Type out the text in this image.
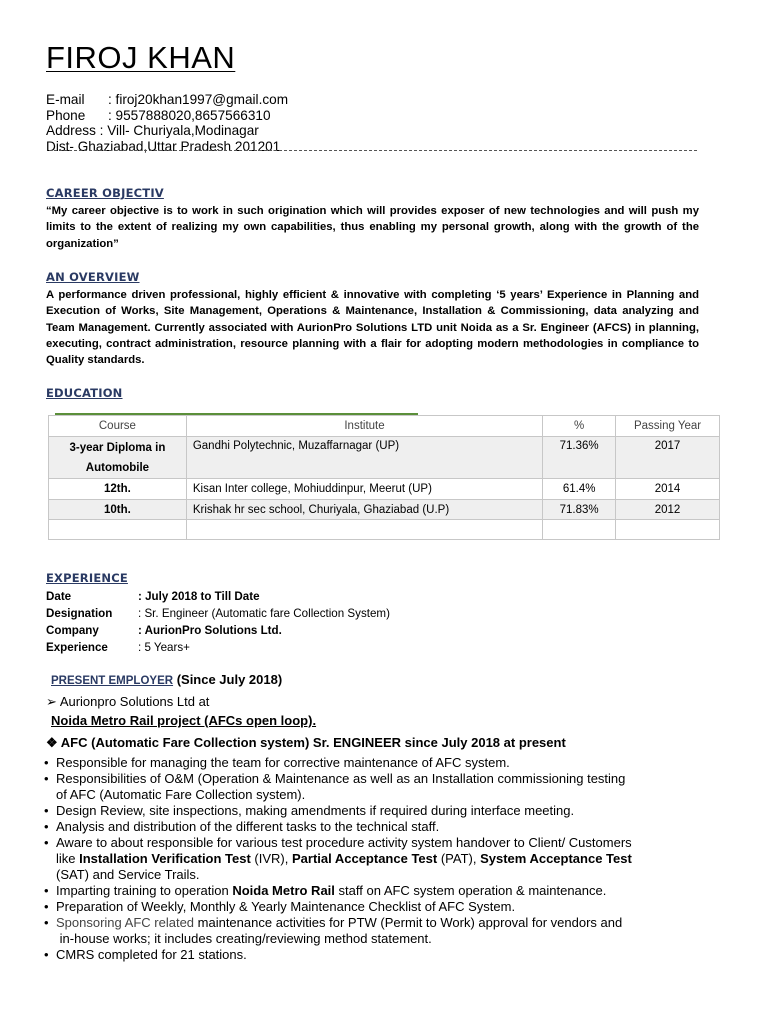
FIROJ KHAN
E-mail : firoj20khan1997@gmail.com
Phone : 9557888020,8657566310
Address : Vill- Churiyala,Modinagar
Dist- Ghaziabad,Uttar Pradesh 201201
CAREER OBJECTIV
“My career objective is to work in such origination which will provides exposer of new technologies and will push my limits to the extent of realizing my own capabilities, thus enabling my personal growth, along with the growth of the organization”
AN OVERVIEW
A performance driven professional, highly efficient & innovative with completing ‘5 years’ Experience in Planning and Execution of Works, Site Management, Operations & Maintenance, Installation & Commissioning, data analyzing and Team Management. Currently associated with AurionPro Solutions LTD unit Noida as a Sr. Engineer (AFCS) in planning, executing, contract administration, resource planning with a flair for adopting modern methodologies in compliance to Quality standards.
EDUCATION
Course	Institute	%	Passing Year
3-year Diploma in Automobile	Gandhi Polytechnic, Muzaffarnagar (UP)	71.36%	2017
12th.	Kisan Inter college, Mohiuddinpur, Meerut (UP)	61.4%	2014
10th.	Krishak hr sec school, Churiyala, Ghaziabad (U.P)	71.83%	2012

EXPERIENCE
Date	: July 2018 to Till Date
Designation : Sr. Engineer (Automatic fare Collection System)
Company	: AurionPro Solutions Ltd.
Experience	: 5 Years+
PRESENT EMPLOYER (Since July 2018)
➢ Aurionpro Solutions Ltd at
Noida Metro Rail project (AFCs open loop).
❖ AFC (Automatic Fare Collection system) Sr. ENGINEER since July 2018 at present
• Responsible for managing the team for corrective maintenance of AFC system.
• Responsibilities of O&M (Operation & Maintenance as well as an Installation commissioning testing
of AFC (Automatic Fare Collection system).
• Design Review, site inspections, making amendments if required during interface meeting.
• Analysis and distribution of the different tasks to the technical staff.
• Aware to about responsible for various test procedure activity system handover to Client/ Customers
like Installation Verification Test (IVR), Partial Acceptance Test (PAT), System Acceptance Test
(SAT) and Service Trails.
• Imparting training to operation Noida Metro Rail staff on AFC system operation & maintenance.
• Preparation of Weekly, Monthly & Yearly Maintenance Checklist of AFC System.
• Sponsoring AFC related maintenance activities for PTW (Permit to Work) approval for vendors and
in-house works; it includes creating/reviewing method statement.
• CMRS completed for 21 stations.
